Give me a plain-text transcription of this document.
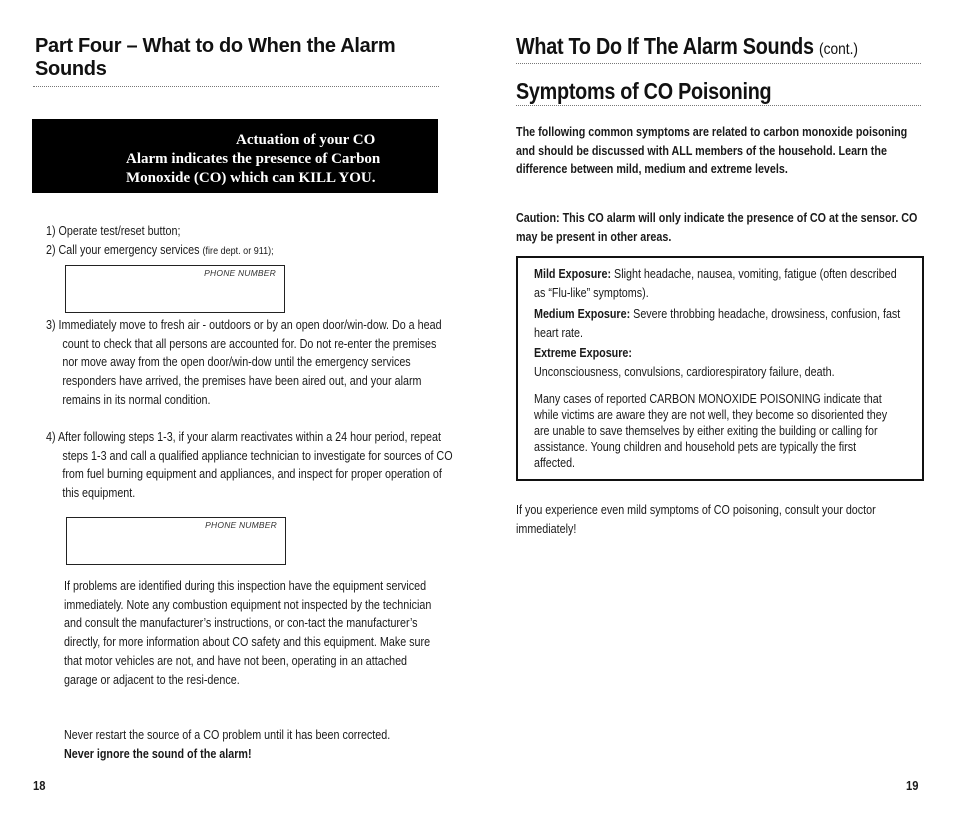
Part Four – What to do When the Alarm Sounds
Actuation of your CO
Alarm indicates the presence of Carbon Monoxide (CO) which can KILL YOU.
1) Operate test/reset button;
2) Call your emergency services (fire dept. or 911);
PHONE NUMBER
3) Immediately move to fresh air - outdoors or by an open door/win-dow. Do a head count to check that all persons are accounted for. Do not re-enter the premises nor move away from the open door/win-dow until the emergency services responders have arrived, the premises have been aired out, and your alarm remains in its normal condition.
4) After following steps 1-3, if your alarm reactivates within a 24 hour period, repeat steps 1-3 and call a qualified appliance technician to investigate for sources of CO from fuel burning equipment and appliances, and inspect for proper operation of this equipment.
PHONE NUMBER
If problems are identified during this inspection have the equipment serviced immediately. Note any combustion equipment not inspected by the technician and consult the manufacturer’s instructions, or con-tact the manufacturer’s directly, for more information about CO safety and this equipment. Make sure that motor vehicles are not, and have not been, operating in an attached garage or adjacent to the resi-dence.
Never restart the source of a CO problem until it has been corrected.
Never ignore the sound of the alarm!
18
What To Do If The Alarm Sounds (cont.)
Symptoms of CO Poisoning
The following common symptoms are related to carbon monoxide poisoning and should be discussed with ALL members of the household. Learn the difference between mild, medium and extreme levels.
Caution: This CO alarm will only indicate the presence of CO at the sensor. CO may be present in other areas.
Mild Exposure: Slight headache, nausea, vomiting, fatigue (often described as “Flu-like” symptoms).
Medium Exposure: Severe throbbing headache, drowsiness, confusion, fast heart rate.
Extreme Exposure:
Unconsciousness, convulsions, cardiorespiratory failure, death.
Many cases of reported CARBON MONOXIDE POISONING indicate that while victims are aware they are not well, they become so disoriented they are unable to save themselves by either exiting the building or calling for assistance. Young children and household pets are typically the first affected.
If you experience even mild symptoms of CO poisoning, consult your doctor immediately!
19
